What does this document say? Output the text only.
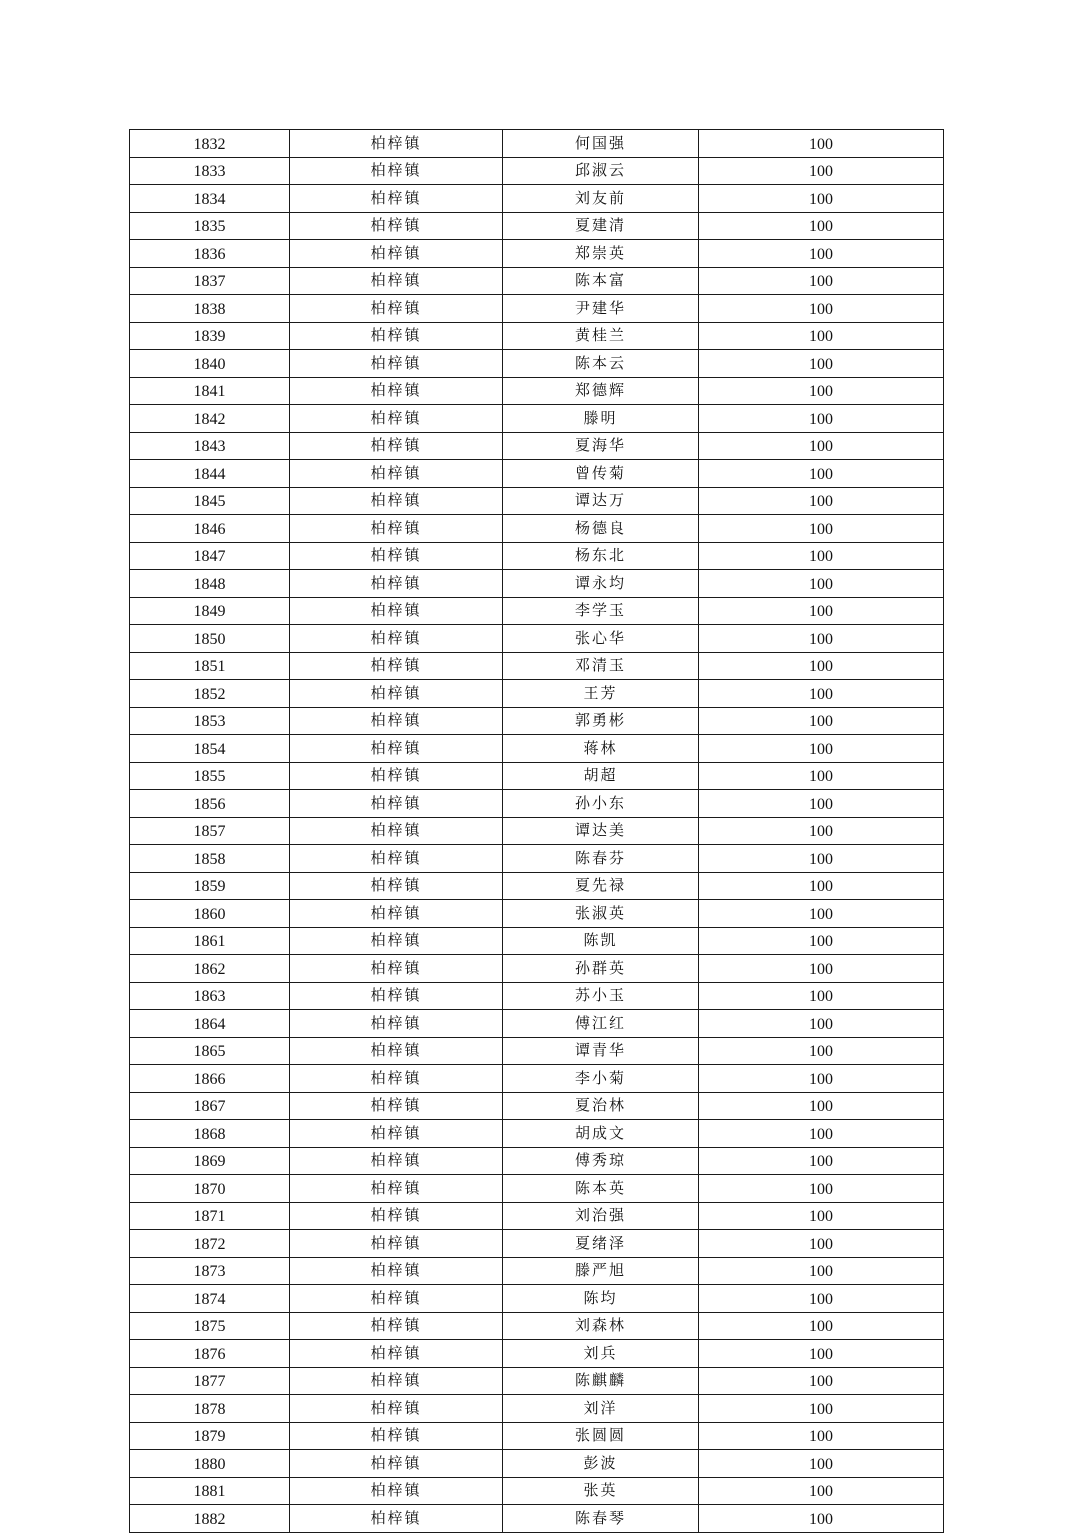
1832	柏梓镇	何国强	100
1833	柏梓镇	邱淑云	100
1834	柏梓镇	刘友前	100
1835	柏梓镇	夏建清	100
1836	柏梓镇	郑崇英	100
1837	柏梓镇	陈本富	100
1838	柏梓镇	尹建华	100
1839	柏梓镇	黄桂兰	100
1840	柏梓镇	陈本云	100
1841	柏梓镇	郑德辉	100
1842	柏梓镇	滕明	100
1843	柏梓镇	夏海华	100
1844	柏梓镇	曾传菊	100
1845	柏梓镇	谭达万	100
1846	柏梓镇	杨德良	100
1847	柏梓镇	杨东北	100
1848	柏梓镇	谭永均	100
1849	柏梓镇	李学玉	100
1850	柏梓镇	张心华	100
1851	柏梓镇	邓清玉	100
1852	柏梓镇	王芳	100
1853	柏梓镇	郭勇彬	100
1854	柏梓镇	蒋林	100
1855	柏梓镇	胡超	100
1856	柏梓镇	孙小东	100
1857	柏梓镇	谭达美	100
1858	柏梓镇	陈春芬	100
1859	柏梓镇	夏先禄	100
1860	柏梓镇	张淑英	100
1861	柏梓镇	陈凯	100
1862	柏梓镇	孙群英	100
1863	柏梓镇	苏小玉	100
1864	柏梓镇	傅江红	100
1865	柏梓镇	谭青华	100
1866	柏梓镇	李小菊	100
1867	柏梓镇	夏治林	100
1868	柏梓镇	胡成文	100
1869	柏梓镇	傅秀琼	100
1870	柏梓镇	陈本英	100
1871	柏梓镇	刘治强	100
1872	柏梓镇	夏绪泽	100
1873	柏梓镇	滕严旭	100
1874	柏梓镇	陈均	100
1875	柏梓镇	刘森林	100
1876	柏梓镇	刘兵	100
1877	柏梓镇	陈麒麟	100
1878	柏梓镇	刘洋	100
1879	柏梓镇	张圆圆	100
1880	柏梓镇	彭波	100
1881	柏梓镇	张英	100
1882	柏梓镇	陈春琴	100
